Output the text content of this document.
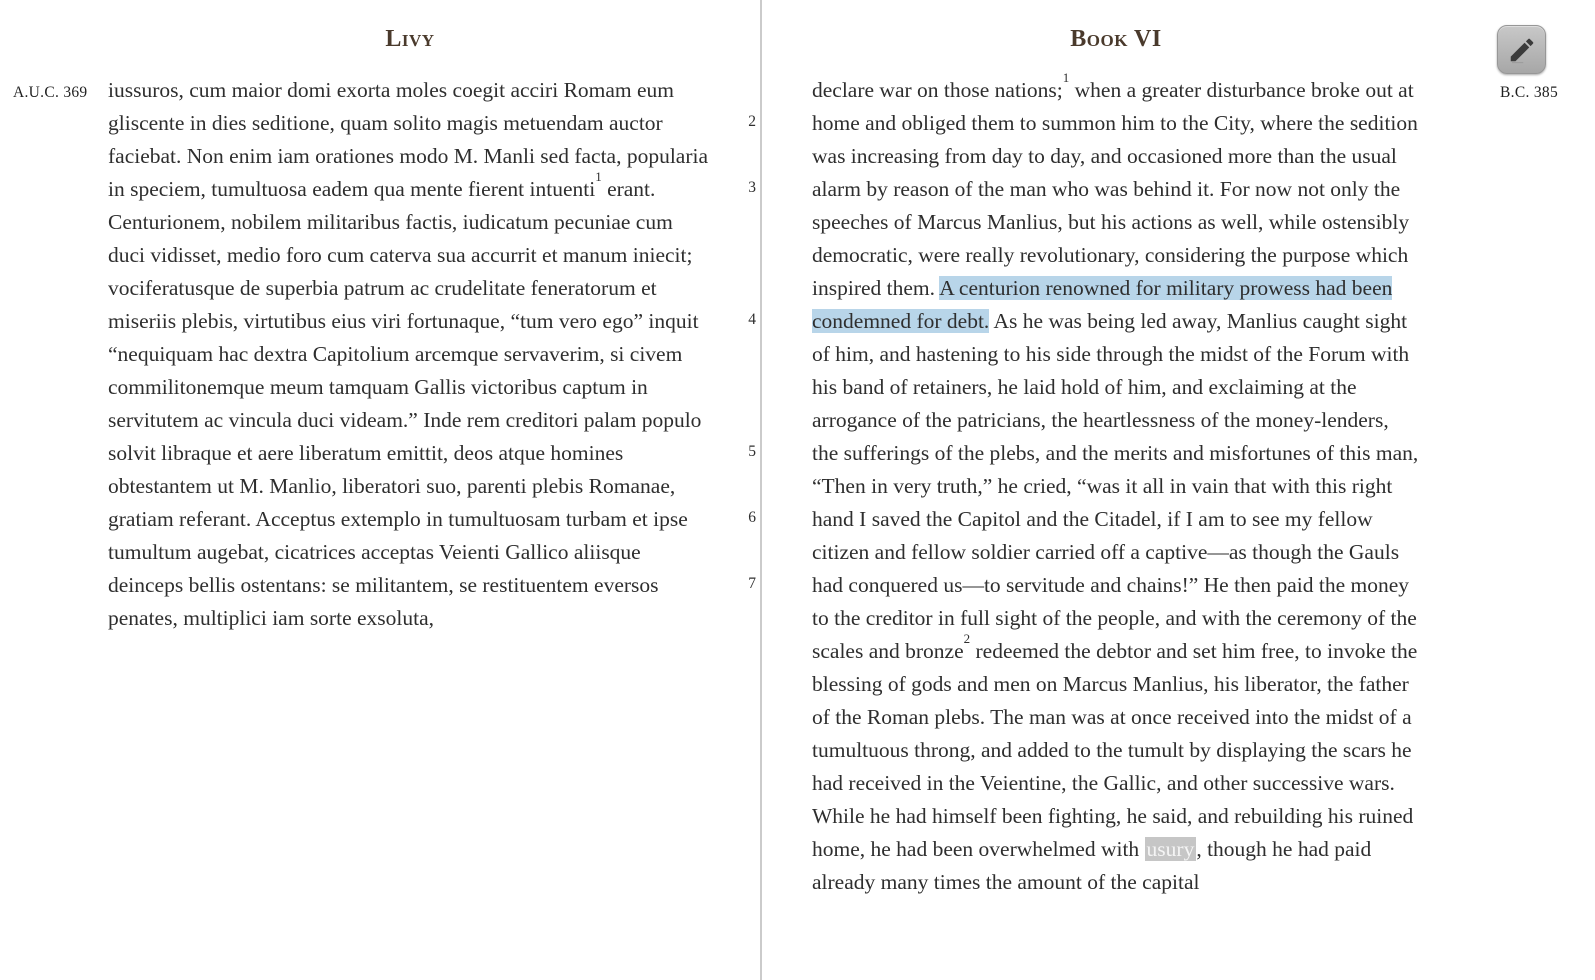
Livy
A.U.C. 369 iussuros, cum maior domi exorta moles coegit acciri Romam eum gliscente in dies seditione, quam solito magis metuendam auctor faciebat. Non enim iam orationes modo M. Manli sed facta, popularia in speciem, tumultuosa eadem qua mente fierent intuenti$^1$ erant. Centurionem, nobilem militaribus factis, iudicatum pecuniae cum duci vidisset, medio foro cum caterva sua accurrit et manum iniecit; vociferatusque de superbia patrum ac crudelitate feneratorum et miseriis plebis, virtutibus eius viri fortunaque, “tum vero ego” inquit “nequiquam hac dextra Capitolium arcemque servaverim, si civem commilitonemque meum tamquam Gallis victoribus captum in servitutem ac vincula duci videam.” Inde rem creditori palam populo solvit libraque et aere liberatum emittit, deos atque homines obtestantem ut M. Manlio, liberatori suo, parenti plebis Romanae, gratiam referant. Acceptus extemplo in tumultuosam turbam et ipse tumultum augebat, cicatrices acceptas Veienti Gallico aliisque deinceps bellis ostentans: se militantem, se restituentem eversos penates, multiplici iam sorte exsoluta,

2
3
4
5
6
7
Book VI
B.C. 385

declare war on those nations;$^1$ when a greater disturbance broke out at home and obliged them to summon him to the City, where the sedition was increasing from day to day, and occasioned more than the usual alarm by reason of the man who was behind it. For now not only the speeches of Marcus Manlius, but his actions as well, while ostensibly democratic, were really revolutionary, considering the purpose which inspired them. A centurion renowned for military prowess had been condemned for debt. As he was being led away, Manlius caught sight of him, and hastening to his side through the midst of the Forum with his band of retainers, he laid hold of him, and exclaiming at the arrogance of the patricians, the heartlessness of the money-lenders, the sufferings of the plebs, and the merits and misfortunes of this man, “Then in very truth,” he cried, “was it all in vain that with this right hand I saved the Capitol and the Citadel, if I am to see my fellow citizen and fellow soldier carried off a captive—as though the Gauls had conquered us—to servitude and chains!” He then paid the money to the creditor in full sight of the people, and with the ceremony of the scales and bronze$^2$ redeemed the debtor and set him free, to invoke the blessing of gods and men on Marcus Manlius, his liberator, the father of the Roman plebs. The man was at once received into the midst of a tumultuous throng, and added to the tumult by displaying the scars he had received in the Veientine, the Gallic, and other successive wars. While he had himself been fighting, he said, and rebuilding his ruined home, he had been overwhelmed with usury, though he had paid already many times the amount of the capital
